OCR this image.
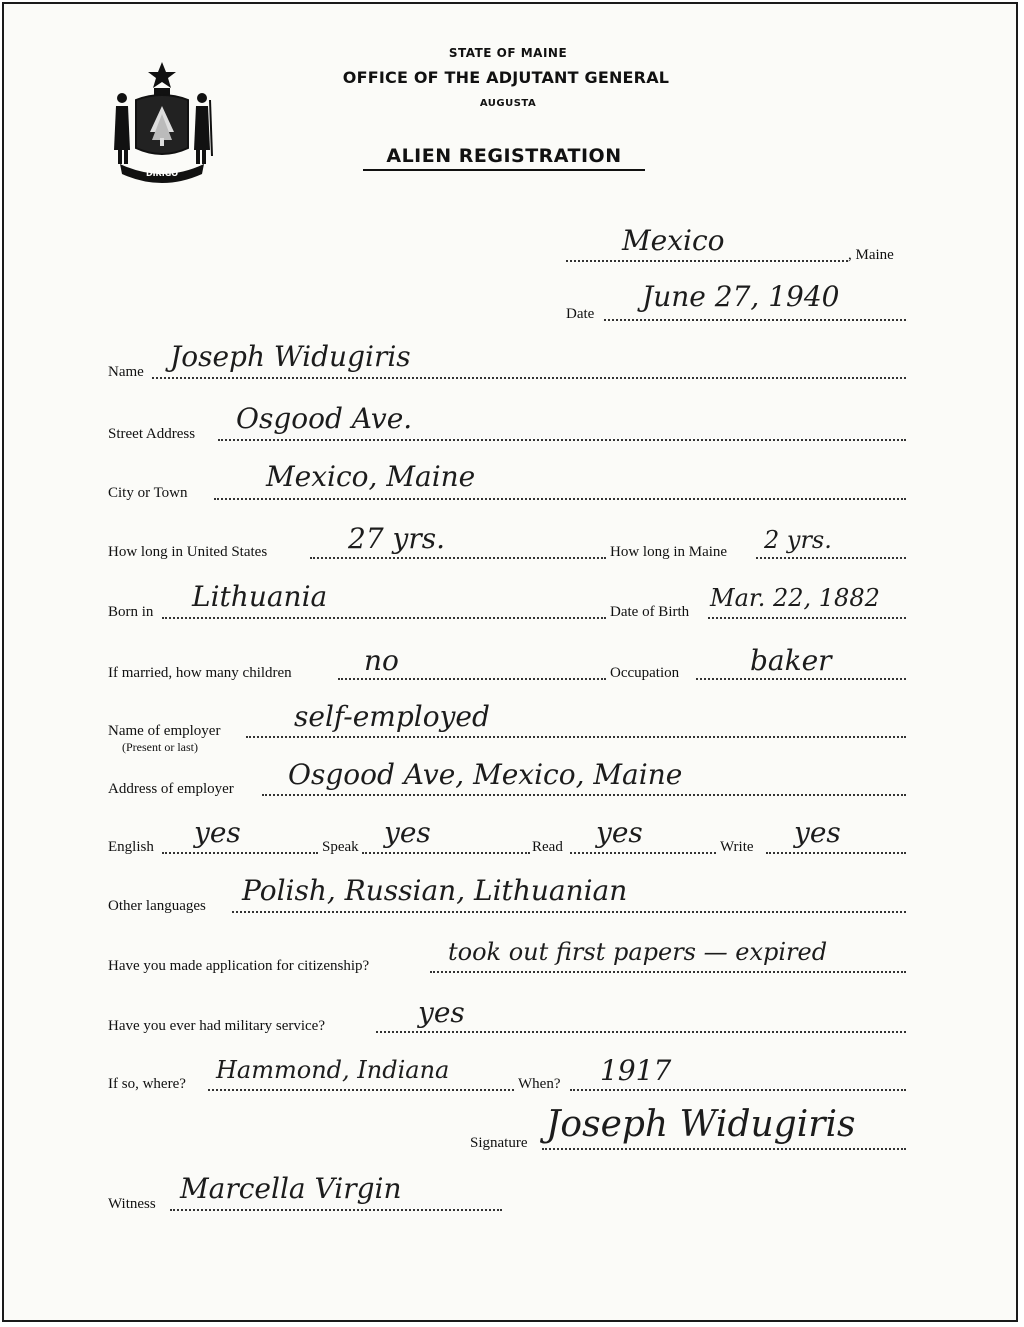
DIRIGO
STATE OF MAINE
OFFICE OF THE ADJUTANT GENERAL
AUGUSTA
ALIEN REGISTRATION
Mexico	, Maine
Date
June 27, 1940
Name Joseph Widugiris
Street Address Osgood Ave.
City or Town	Mexico, Maine
How long in United States	27 yrs.	How long in Maine 2 yrs.
Born in Lithuania	Date of Birth Mar. 22, 1882
If married, how many children	no	Occupation	baker
Name of employer
(Present or last)
self-employed
Address of employer Osgood Ave, Mexico, Maine
English yes	Speak yes	Read yes	Write yes
Other languages Polish, Russian, Lithuanian
Have you made application for citizenship?	took out first papers — expired
Have you ever had military service?	yes
If so, where? Hammond, Indiana	When? 1917
Signature Joseph Widugiris
Witness Marcella Virgin
